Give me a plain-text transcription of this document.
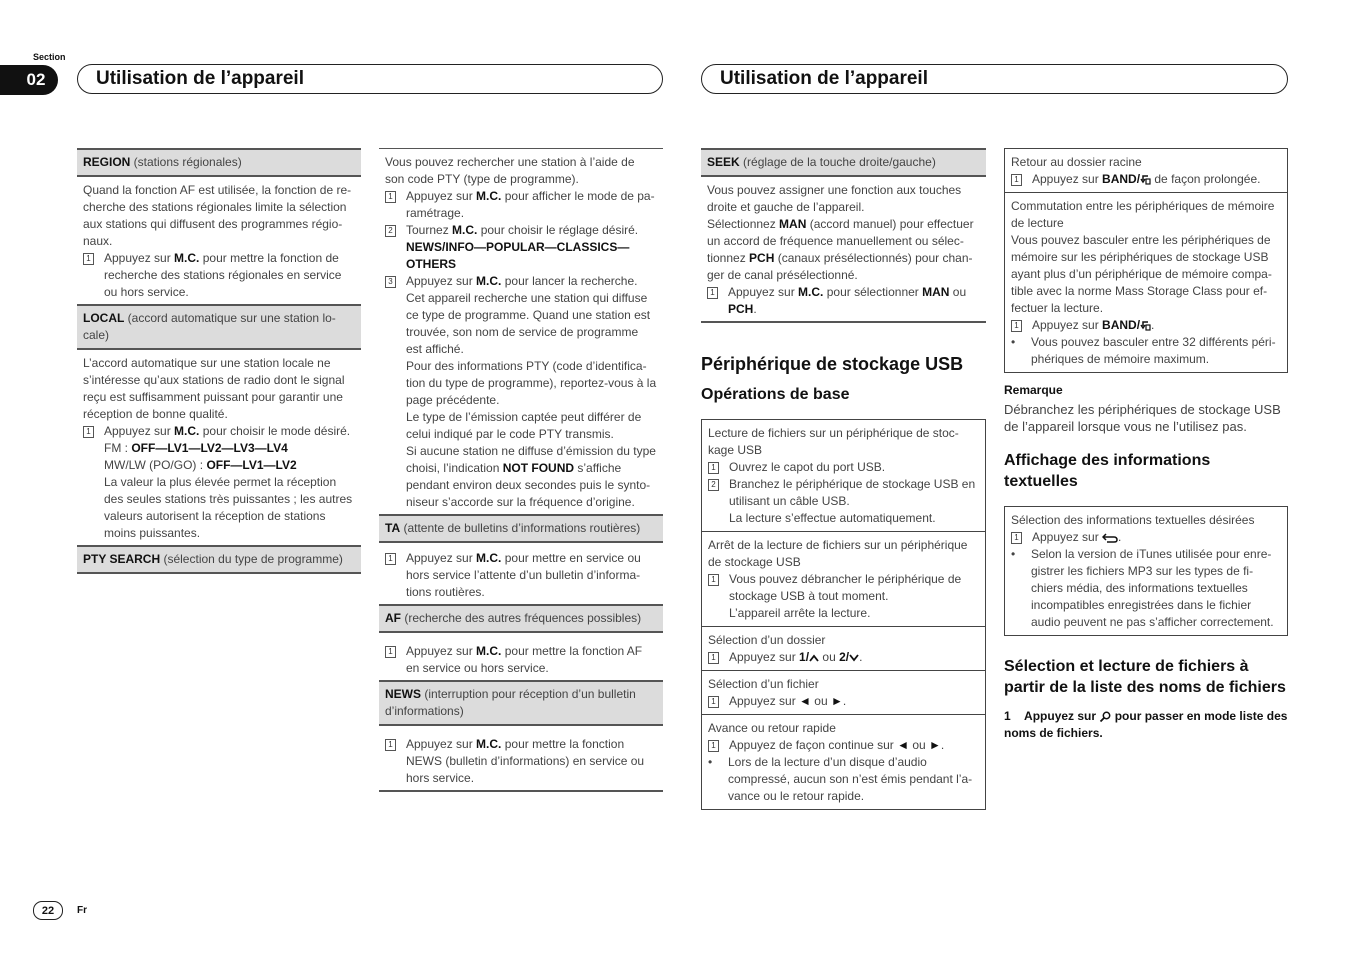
Section
02	Utilisation de l’appareil	Utilisation de l’appareil
REGION (stations régionales)
Quand la fonction AF est utilisée, la fonction de re-cherche des stations régionales limite la sélection aux stations qui diffusent des programmes régio-naux.
1 Appuyez sur M.C. pour mettre la fonction de recherche des stations régionales en service ou hors service.
LOCAL (accord automatique sur une station lo-cale)
L’accord automatique sur une station locale ne s’intéresse qu’aux stations de radio dont le signal reçu est suffisamment puissant pour garantir une réception de bonne qualité.
1 Appuyez sur M.C. pour choisir le mode désiré.
FM : OFF—LV1—LV2—LV3—LV4
MW/LW (PO/GO) : OFF—LV1—LV2
La valeur la plus élevée permet la réception des seules stations très puissantes ; les autres valeurs autorisent la réception de stations moins puissantes.
PTY SEARCH (sélection du type de programme)
Vous pouvez rechercher une station à l’aide de son code PTY (type de programme).
1 Appuyez sur M.C. pour afficher le mode de pa-ramétrage.
2 Tournez M.C. pour choisir le réglage désiré.
NEWS/INFO—POPULAR—CLASSICS—OTHERS
3 Appuyez sur M.C. pour lancer la recherche.
Cet appareil recherche une station qui diffuse ce type de programme. Quand une station est trouvée, son nom de service de programme est affiché.
Pour des informations PTY (code d’identifica-tion du type de programme), reportez-vous à la page précédente.
Le type de l’émission captée peut différer de celui indiqué par le code PTY transmis.
Si aucune station ne diffuse d’émission du type choisi, l’indication NOT FOUND s’affiche pendant environ deux secondes puis le synto-niseur s’accorde sur la fréquence d’origine.
TA (attente de bulletins d’informations routières)
1 Appuyez sur M.C. pour mettre en service ou hors service l’attente d’un bulletin d’informa-tions routières.
AF (recherche des autres fréquences possibles)
1 Appuyez sur M.C. pour mettre la fonction AF en service ou hors service.
NEWS (interruption pour réception d’un bulletin d’informations)
1 Appuyez sur M.C. pour mettre la fonction NEWS (bulletin d’informations) en service ou hors service.
SEEK (réglage de la touche droite/gauche)
Vous pouvez assigner une fonction aux touches droite et gauche de l’appareil.
Sélectionnez MAN (accord manuel) pour effectuer un accord de fréquence manuellement ou sélec-tionnez PCH (canaux présélectionnés) pour chan-ger de canal présélectionné.
1 Appuyez sur M.C. pour sélectionner MAN ou PCH.
Périphérique de stockage USB
Opérations de base
Lecture de fichiers sur un périphérique de stoc-kage USB
1 Ouvrez le capot du port USB.
2 Branchez le périphérique de stockage USB en utilisant un câble USB.
La lecture s’effectue automatiquement.
Arrêt de la lecture de fichiers sur un périphérique de stockage USB
1 Vous pouvez débrancher le périphérique de stockage USB à tout moment.
L’appareil arrête la lecture.
Sélection d’un dossier
1 Appuyez sur 1/ ou 2/ .
Sélection d’un fichier
1 Appuyez sur ◄ ou ►.
Avance ou retour rapide
1 Appuyez de façon continue sur ◄ ou ►.
•	Lors de la lecture d’un disque d’audio compressé, aucun son n’est émis pendant l’a-vance ou le retour rapide.
Retour au dossier racine
1 Appuyez sur BAND/ de façon prolongée.
Commutation entre les périphériques de mémoire de lecture
Vous pouvez basculer entre les périphériques de mémoire sur les périphériques de stockage USB ayant plus d’un périphérique de mémoire compa-tible avec la norme Mass Storage Class pour ef-fectuer la lecture.
1 Appuyez sur BAND/ .
•	Vous pouvez basculer entre 32 différents péri-phériques de mémoire maximum.
Remarque
Débranchez les périphériques de stockage USB de l’appareil lorsque vous ne l’utilisez pas.
Affichage des informations textuelles
Sélection des informations textuelles désirées
1 Appuyez sur .
•	Selon la version de iTunes utilisée pour enre-gistrer les fichiers MP3 sur les types de fi-chiers média, des informations textuelles incompatibles enregistrées dans le fichier audio peuvent ne pas s’afficher correctement.
Sélection et lecture de fichiers à partir de la liste des noms de fichiers
1 Appuyez sur  pour passer en mode liste des noms de fichiers.
22	Fr
